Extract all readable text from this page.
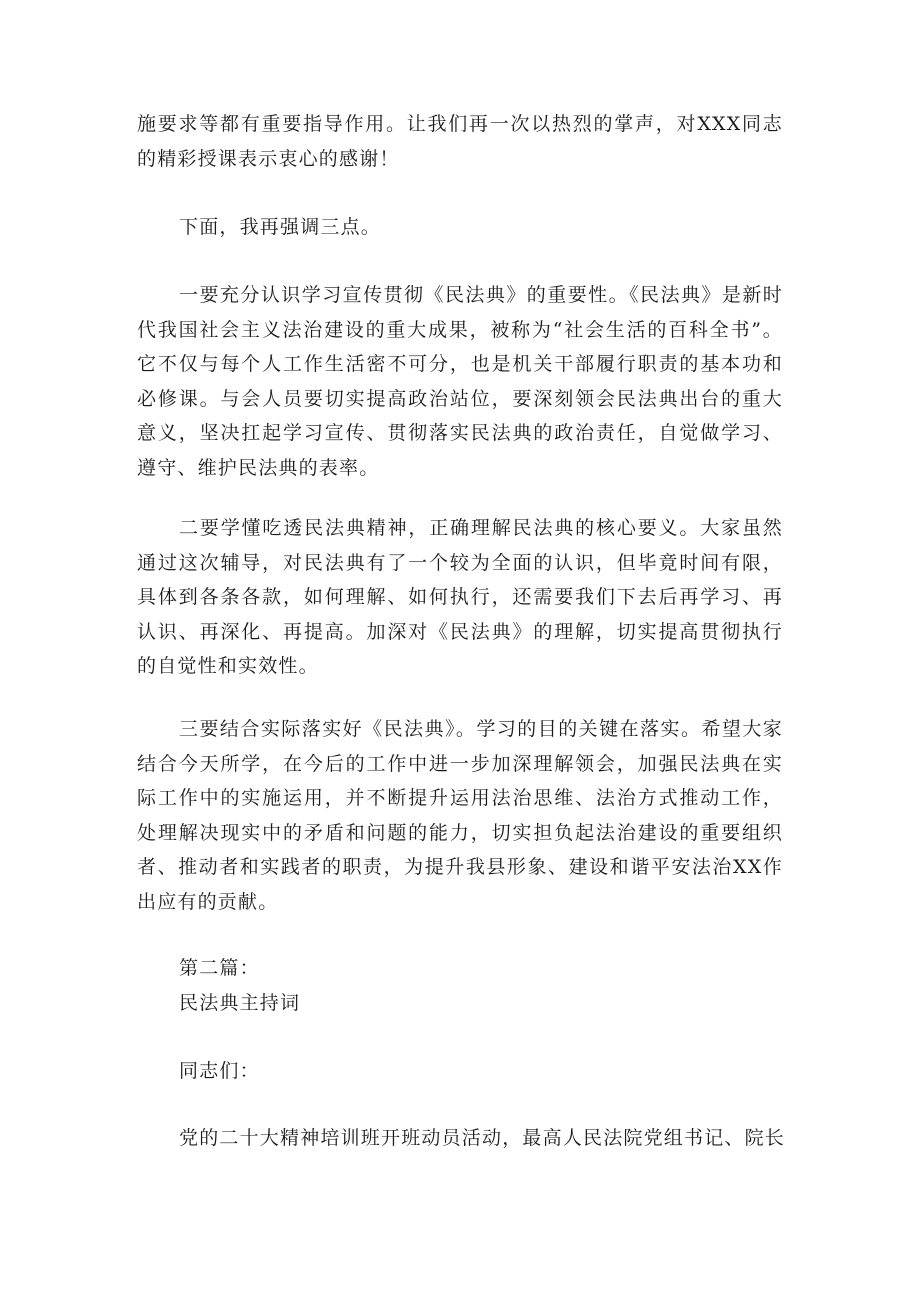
施要求等都有重要指导作用。让我们再一次以热烈的掌声，对XXX同志的精彩授课表示衷心的感谢！

下面，我再强调三点。

一要充分认识学习宣传贯彻《民法典》的重要性。《民法典》是新时代我国社会主义法治建设的重大成果，被称为“社会生活的百科全书”。它不仅与每个人工作生活密不可分，也是机关干部履行职责的基本功和必修课。与会人员要切实提高政治站位，要深刻领会民法典出台的重大意义，坚决扛起学习宣传、贯彻落实民法典的政治责任，自觉做学习、遵守、维护民法典的表率。

二要学懂吃透民法典精神，正确理解民法典的核心要义。大家虽然通过这次辅导，对民法典有了一个较为全面的认识，但毕竟时间有限，具体到各条各款，如何理解、如何执行，还需要我们下去后再学习、再认识、再深化、再提高。加深对《民法典》的理解，切实提高贯彻执行的自觉性和实效性。

三要结合实际落实好《民法典》。学习的目的关键在落实。希望大家结合今天所学，在今后的工作中进一步加深理解领会，加强民法典在实际工作中的实施运用，并不断提升运用法治思维、法治方式推动工作，处理解决现实中的矛盾和问题的能力，切实担负起法治建设的重要组织者、推动者和实践者的职责，为提升我县形象、建设和谐平安法治XX作出应有的贡献。

第二篇：

民法典主持词

同志们：

党的二十大精神培训班开班动员活动，最高人民法院党组书记、院长
